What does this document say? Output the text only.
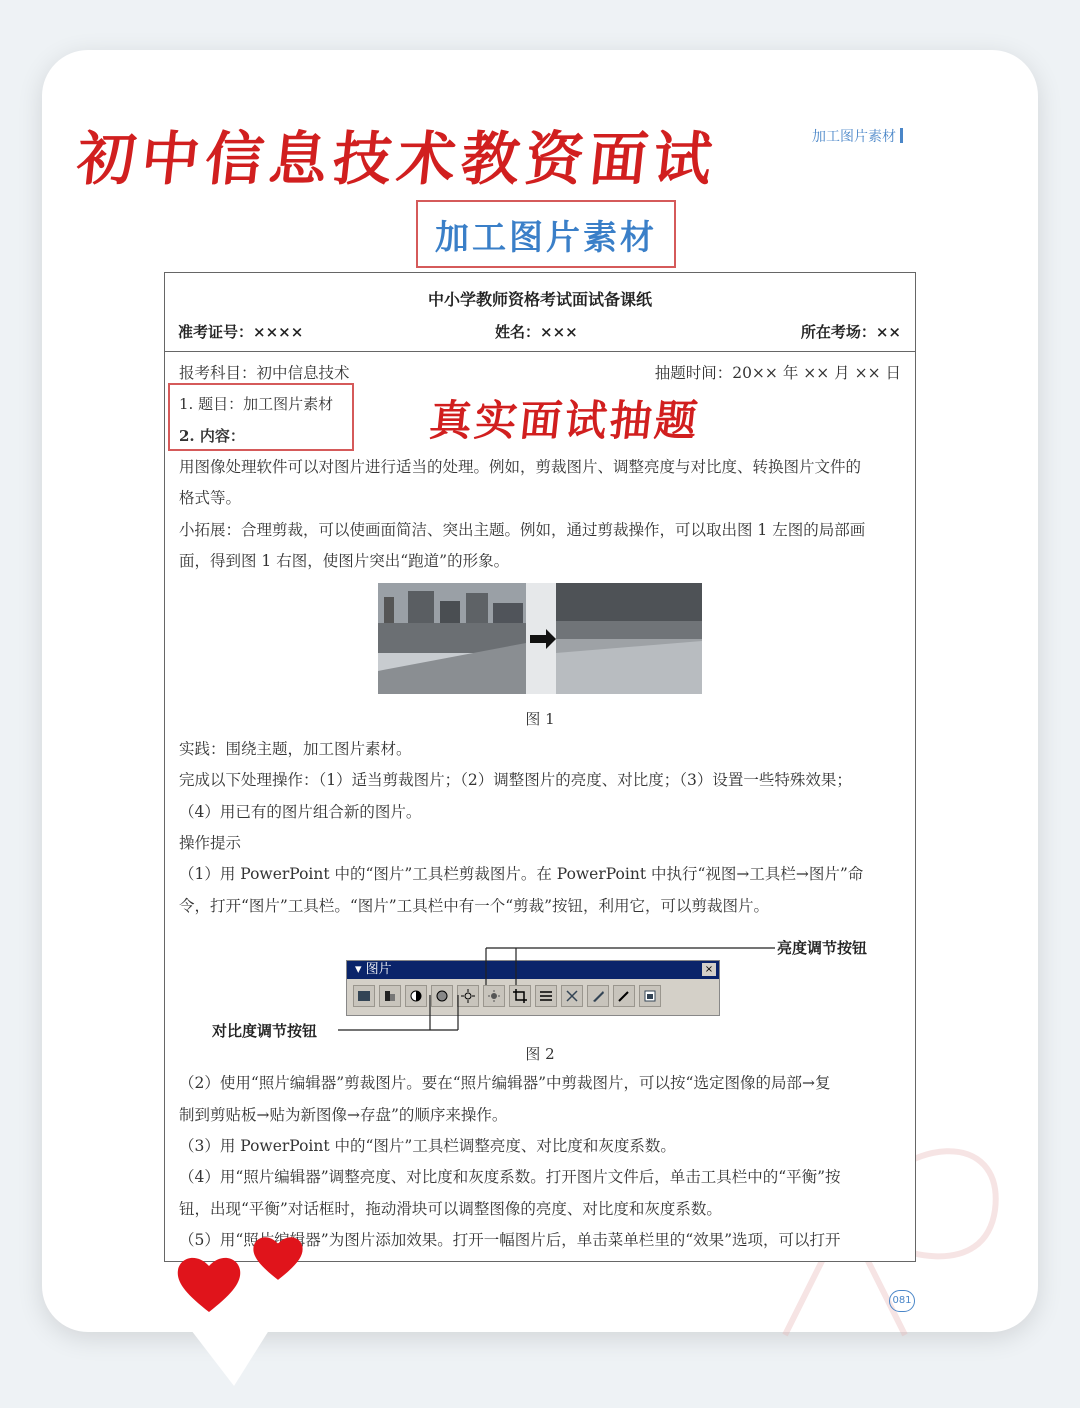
初中信息技术教资面试	加工图片素材
加工图片素材
中小学教师资格考试面试备课纸
准考证号：××××	姓名：×××	所在考场：××
报考科目：初中信息技术	抽题时间：20×× 年 ×× 月 ×× 日
1. 题目：加工图片素材
2. 内容：
用图像处理软件可以对图片进行适当的处理。例如，剪裁图片、调整亮度与对比度、转换图片文件的
格式等。
小拓展：合理剪裁，可以使画面简洁、突出主题。例如，通过剪裁操作，可以取出图 1 左图的局部画
面，得到图 1 右图，使图片突出“跑道”的形象。
图 1
实践：围绕主题，加工图片素材。
完成以下处理操作：（1）适当剪裁图片；（2）调整图片的亮度、对比度；（3）设置一些特殊效果；
（4）用已有的图片组合新的图片。
操作提示
（1）用 PowerPoint 中的“图片”工具栏剪裁图片。在 PowerPoint 中执行“视图→工具栏→图片”命
令，打开“图片”工具栏。“图片”工具栏中有一个“剪裁”按钮，利用它，可以剪裁图片。
图 2
（2）使用“照片编辑器”剪裁图片。要在“照片编辑器”中剪裁图片，可以按“选定图像的局部→复
制到剪贴板→贴为新图像→存盘”的顺序来操作。
（3）用 PowerPoint 中的“图片”工具栏调整亮度、对比度和灰度系数。
（4）用“照片编辑器”调整亮度、对比度和灰度系数。打开图片文件后，单击工具栏中的“平衡”按
钮，出现“平衡”对话框时，拖动滑块可以调整图像的亮度、对比度和灰度系数。
（5）用“照片编辑器”为图片添加效果。打开一幅图片后，单击菜单栏里的“效果”选项，可以打开
真实面试抽题
▾ 图片	×
亮度调节按钮
对比度调节按钮
081
